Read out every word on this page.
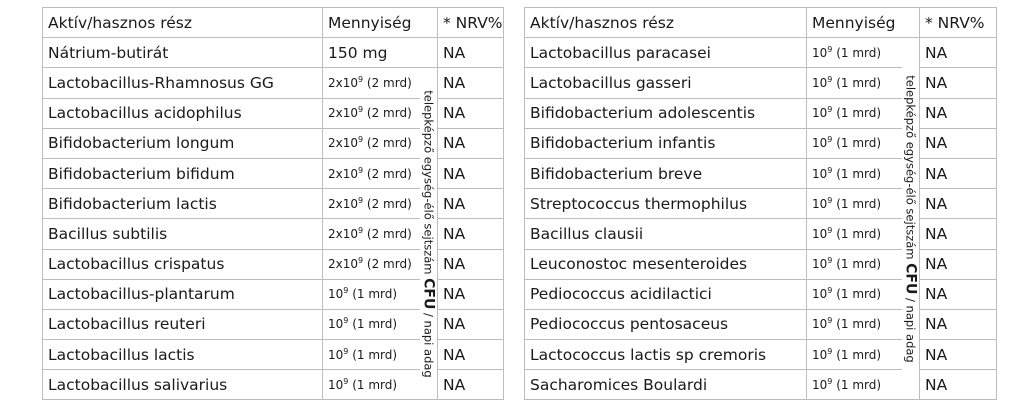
Aktív/hasznos rész	Mennyiség		* NRV%
Nátrium-butirát	150 mg		NA
Lactobacillus-Rhamnosus GG	$2x10^9$ (2 mrd)	telepképző egység-élő sejtszám CFU / napi adag	NA
Lactobacillus acidophilus	$2x10^9$ (2 mrd)		NA
Bifidobacterium longum	$2x10^9$ (2 mrd)		NA
Bifidobacterium bifidum	$2x10^9$ (2 mrd)		NA
Bifidobacterium lactis	$2x10^9$ (2 mrd)		NA
Bacillus subtilis	$2x10^9$ (2 mrd)		NA
Lactobacillus crispatus	$2x10^9$ (2 mrd)		NA
Lactobacillus-plantarum	$10^9$ (1 mrd)		NA
Lactobacillus reuteri	$10^9$ (1 mrd)		NA
Lactobacillus lactis	$10^9$ (1 mrd)		NA
Lactobacillus salivarius	$10^9$ (1 mrd)		NA
Aktív/hasznos rész	Mennyiség		* NRV%
Lactobacillus paracasei	$10^9$ (1 mrd)	telepképző egység-élő sejtszám CFU / napi adag	NA
Lactobacillus gasseri	$10^9$ (1 mrd)		NA
Bifidobacterium adolescentis	$10^9$ (1 mrd)		NA
Bifidobacterium infantis	$10^9$ (1 mrd)		NA
Bifidobacterium breve	$10^9$ (1 mrd)		NA
Streptococcus thermophilus	$10^9$ (1 mrd)		NA
Bacillus clausii	$10^9$ (1 mrd)		NA
Leuconostoc mesenteroides	$10^9$ (1 mrd)		NA
Pediococcus acidilactici	$10^9$ (1 mrd)		NA
Pediococcus pentosaceus	$10^9$ (1 mrd)		NA
Lactococcus lactis sp cremoris	$10^9$ (1 mrd)		NA
Sacharomices Boulardi	$10^9$ (1 mrd)		NA
